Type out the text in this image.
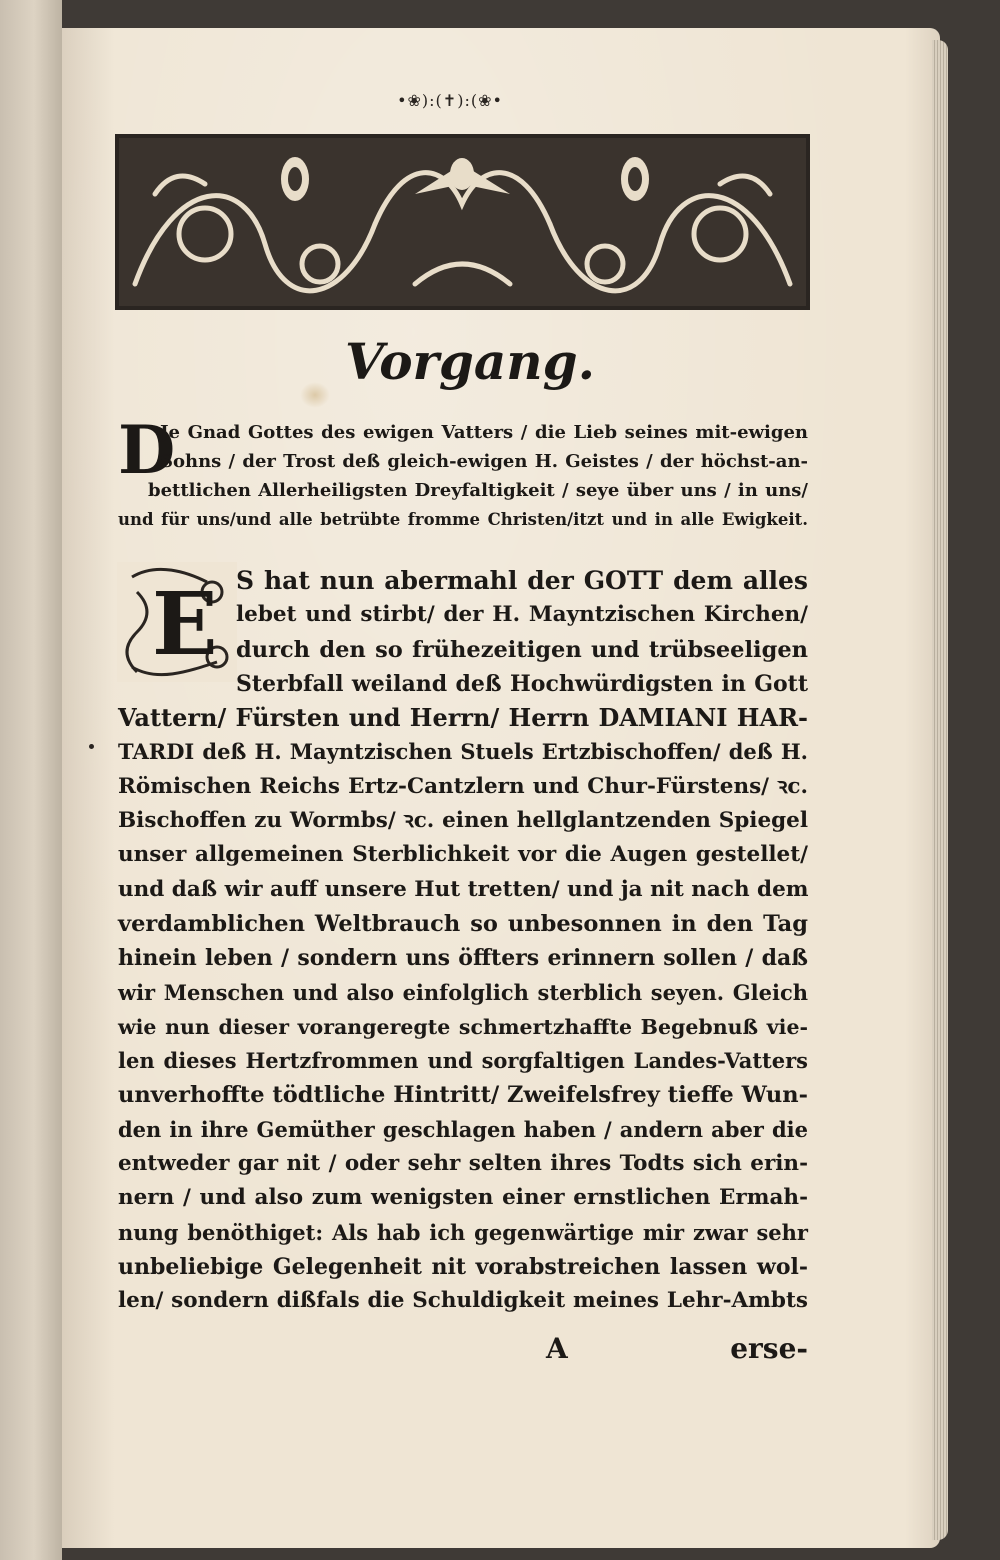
•❀):(✝):(❀•
Vorgang.
D
Je Gnad Gottes des ewigen Vatters / die Lieb seines mit-ewigen
Sohns / der Trost deß gleich-ewigen H. Geistes / der höchst-an-
bettlichen Allerheiligsten Dreyfaltigkeit / seye über uns / in uns/
und für uns/und alle betrübte fromme Christen/itzt und in alle Ewigkeit.
E S hat nun abermahl der GOTT dem alles
lebet und stirbt/ der H. Mayntzischen Kirchen/
durch den so frühezeitigen und trübseeligen
Sterbfall weiland deß Hochwürdigsten in Gott
Vattern/ Fürsten und Herrn/ Herrn DAMIANI HAR-
TARDI deß H. Mayntzischen Stuels Ertzbischoffen/ deß H.
Römischen Reichs Ertz-Cantzlern und Chur-Fürstens/ ꝛc.
Bischoffen zu Wormbs/ ꝛc. einen hellglantzenden Spiegel
unser allgemeinen Sterblichkeit vor die Augen gestellet/
und daß wir auff unsere Hut tretten/ und ja nit nach dem
verdamblichen Weltbrauch so unbesonnen in den Tag
hinein leben / sondern uns öffters erinnern sollen / daß
wir Menschen und also einfolglich sterblich seyen. Gleich
wie nun dieser vorangeregte schmertzhaffte Begebnuß vie-
len dieses Hertzfrommen und sorgfaltigen Landes-Vatters
unverhoffte tödtliche Hintritt/ Zweifelsfrey tieffe Wun-
den in ihre Gemüther geschlagen haben / andern aber die
entweder gar nit / oder sehr selten ihres Todts sich erin-
nern / und also zum wenigsten einer ernstlichen Ermah-
nung benöthiget: Als hab ich gegenwärtige mir zwar sehr
unbeliebige Gelegenheit nit vorabstreichen lassen wol-
len/ sondern dißfals die Schuldigkeit meines Lehr-Ambts
A	erse-
